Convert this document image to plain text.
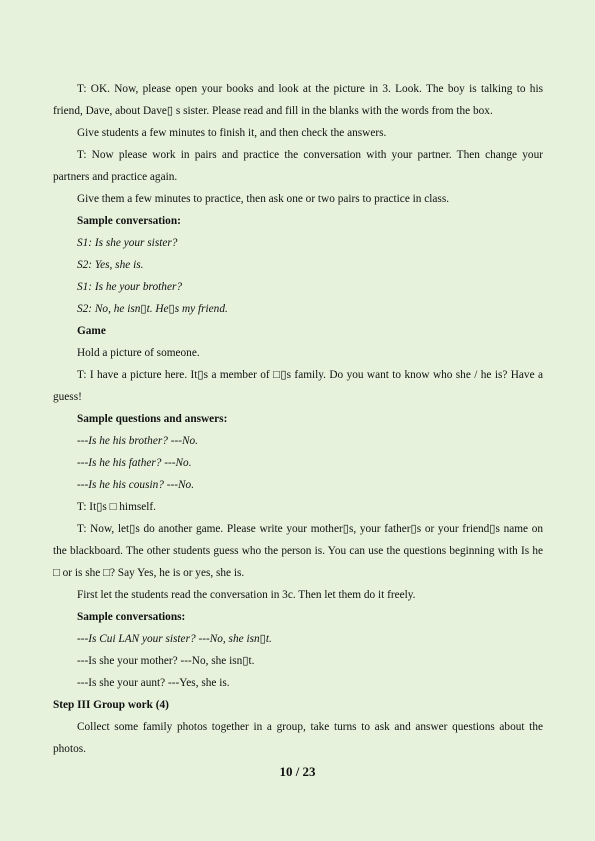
T: OK. Now, please open your books and look at the picture in 3. Look. The boy is talking to his friend, Dave, about Dave▯ s sister. Please read and fill in the blanks with the words from the box.

Give students a few minutes to finish it, and then check the answers.

T: Now please work in pairs and practice the conversation with your partner. Then change your partners and practice again.

Give them a few minutes to practice, then ask one or two pairs to practice in class.

Sample conversation:

S1: Is she your sister?

S2: Yes, she is.

S1: Is he your brother?

S2: No, he isn▯t. He▯s my friend.

Game

Hold a picture of someone.

T: I have a picture here. It▯s a member of □▯s family. Do you want to know who she / he is? Have a guess!

Sample questions and answers:

---Is he his brother? ---No.

---Is he his father? ---No.

---Is he his cousin? ---No.

T: It▯s □ himself.

T: Now, let▯s do another game. Please write your mother▯s, your father▯s or your friend▯s name on the blackboard. The other students guess who the person is. You can use the questions beginning with Is he □ or is she □? Say Yes, he is or yes, she is.

First let the students read the conversation in 3c. Then let them do it freely.

Sample conversations:

---Is Cui LAN your sister? ---No, she isn▯t.

---Is she your mother? ---No, she isn▯t.

---Is she your aunt? ---Yes, she is.

Step III Group work (4)

Collect some family photos together in a group, take turns to ask and answer questions about the photos.

10 / 23
